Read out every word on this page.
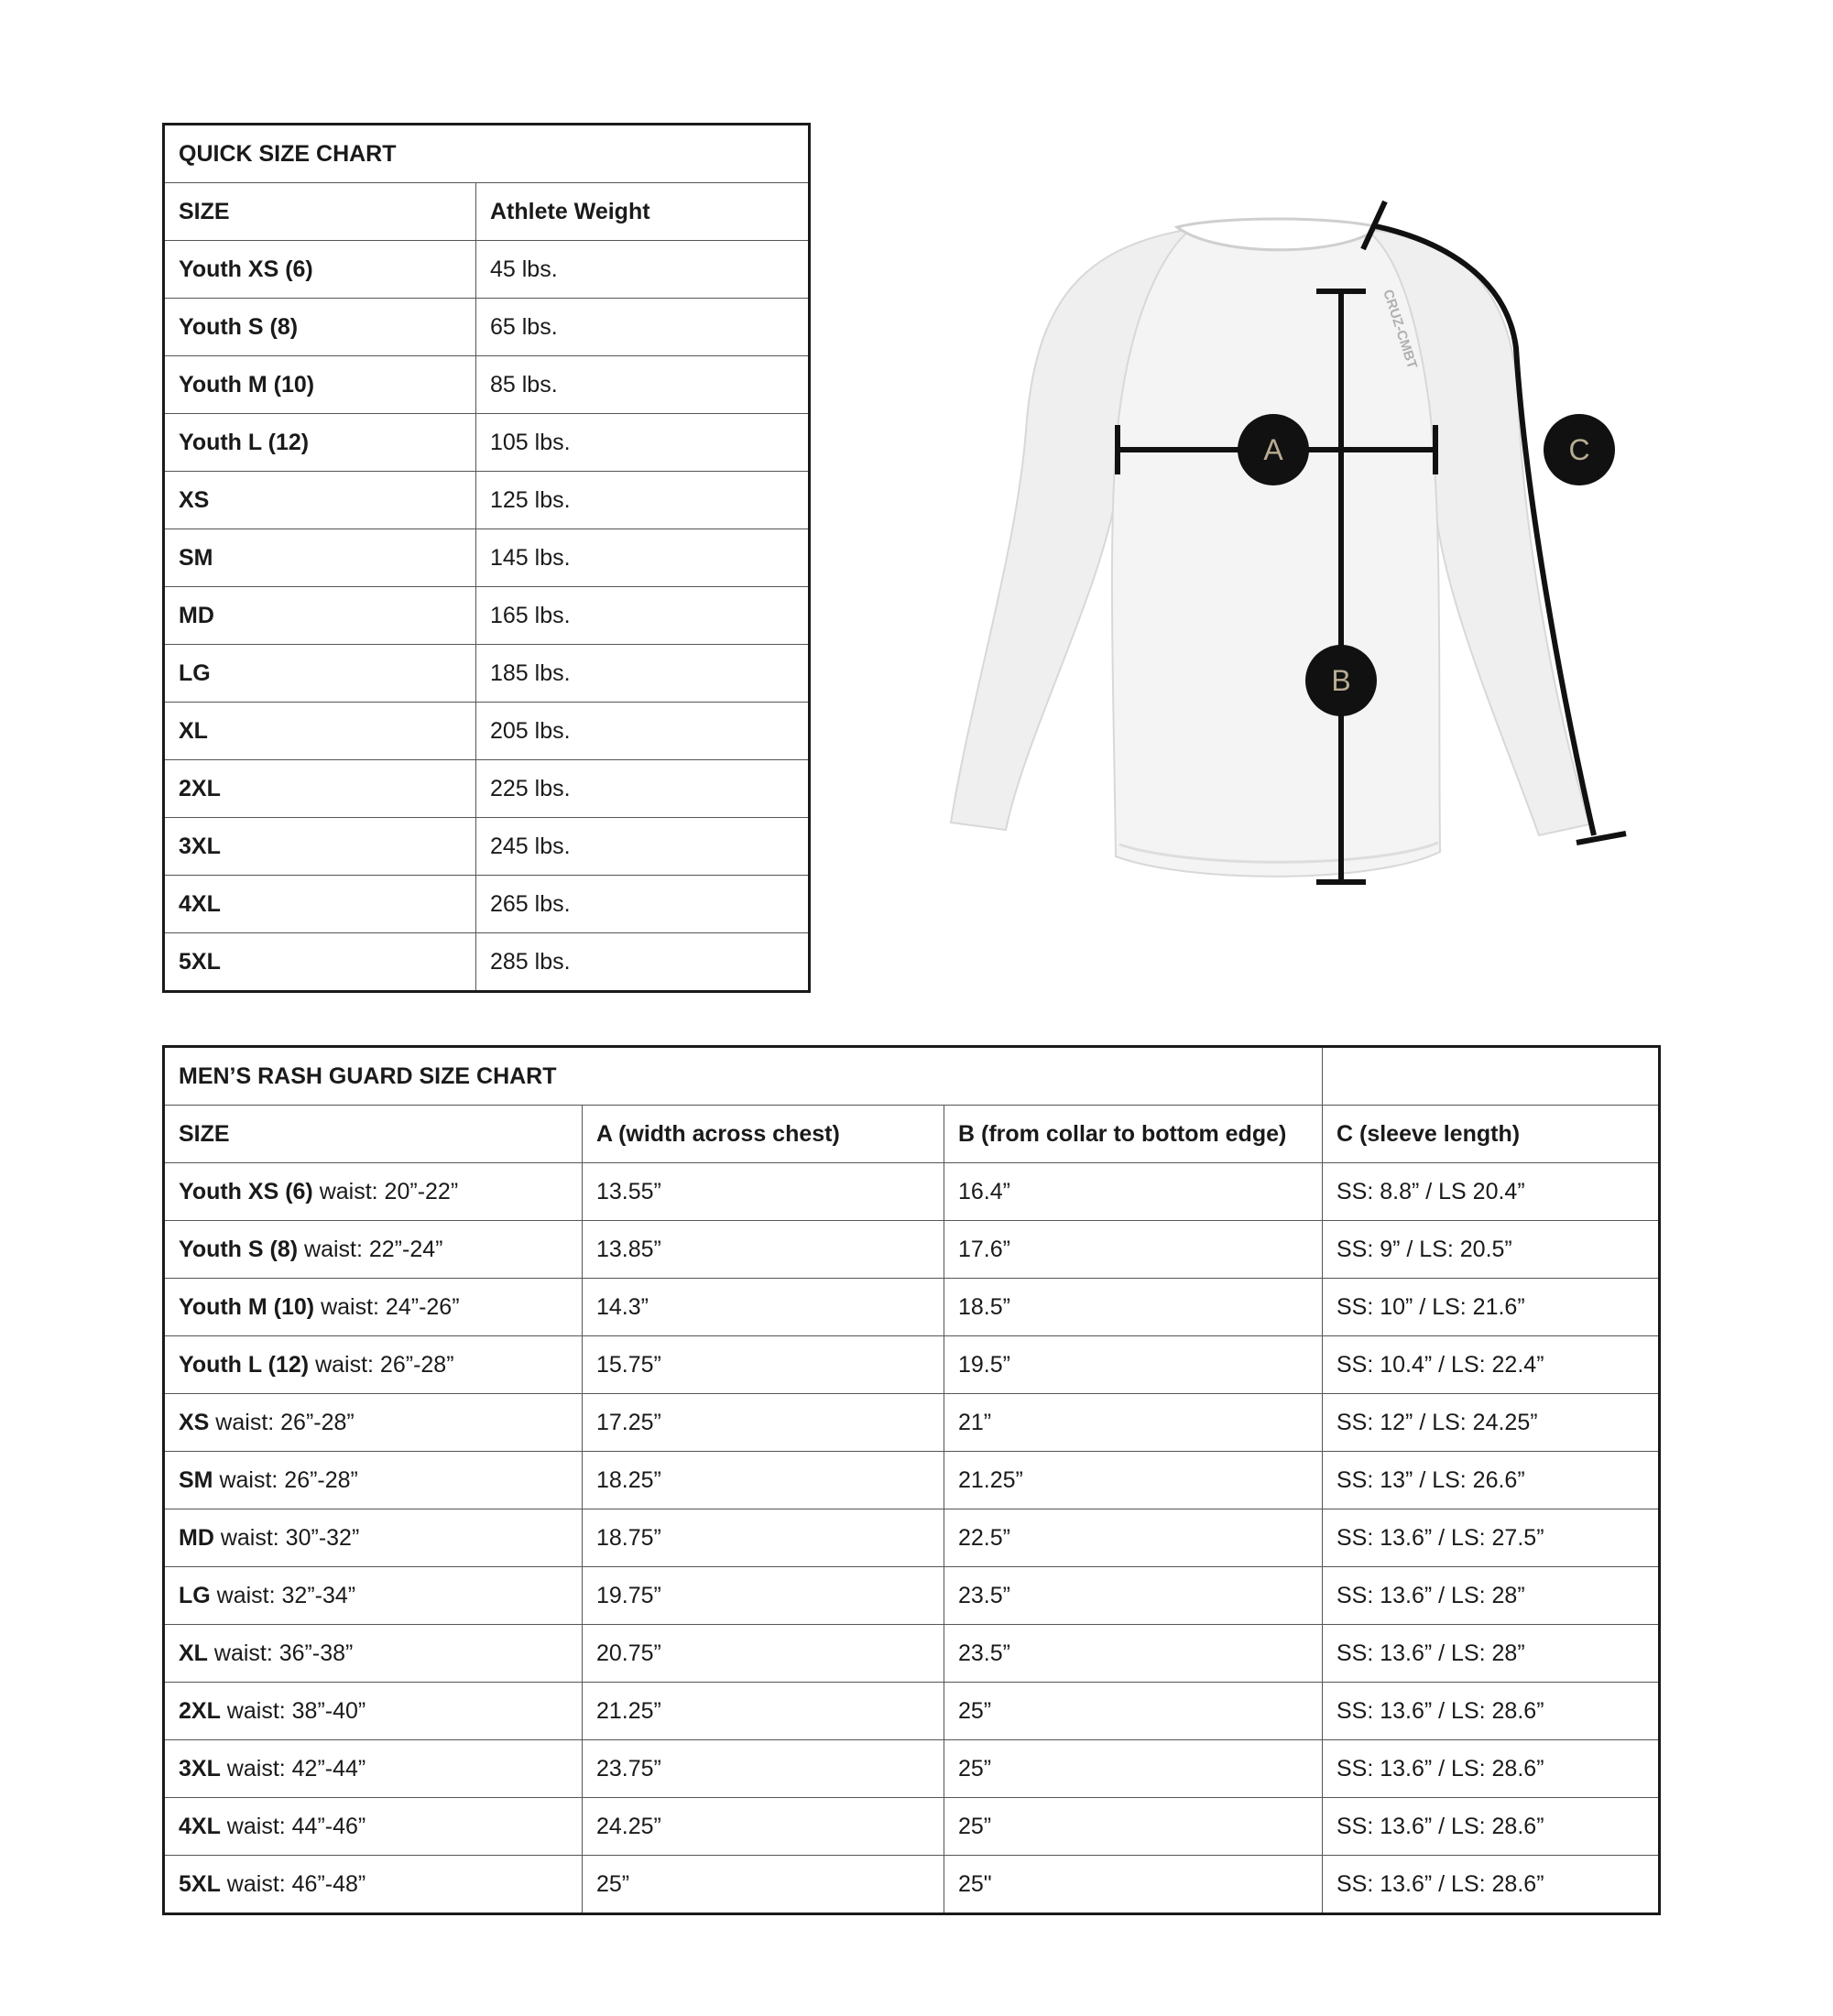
QUICK SIZE CHART	
SIZE	Athlete Weight
Youth XS (6)	45 lbs.
Youth S (8)	65 lbs.
Youth M (10)	85 lbs.
Youth L (12)	105 lbs.
XS	125 lbs.
SM	145 lbs.
MD	165 lbs.
LG	185 lbs.
XL	205 lbs.
2XL	225 lbs.
3XL	245 lbs.
4XL	265 lbs.
5XL	285 lbs.
CRUZ-CMBT
A
B
C
MEN’S RASH GUARD SIZE CHART			
SIZE	A (width across chest)	B (from collar to bottom edge)	C (sleeve length)
Youth XS (6) waist: 20”-22”	13.55”	16.4”	SS: 8.8” / LS 20.4”
Youth S (8) waist: 22”-24”	13.85”	17.6”	SS: 9” / LS: 20.5”
Youth M (10) waist: 24”-26”	14.3”	18.5”	SS: 10” / LS: 21.6”
Youth L (12) waist: 26”-28”	15.75”	19.5”	SS: 10.4” / LS: 22.4”
XS waist: 26”-28”	17.25”	21”	SS: 12” / LS: 24.25”
SM waist: 26”-28”	18.25”	21.25”	SS: 13” / LS: 26.6”
MD waist: 30”-32”	18.75”	22.5”	SS: 13.6” / LS: 27.5”
LG waist: 32”-34”	19.75”	23.5”	SS: 13.6” / LS: 28”
XL waist: 36”-38”	20.75”	23.5”	SS: 13.6” / LS: 28”
2XL waist: 38”-40”	21.25”	25”	SS: 13.6” / LS: 28.6”
3XL waist: 42”-44”	23.75”	25”	SS: 13.6” / LS: 28.6”
4XL waist: 44”-46”	24.25”	25”	SS: 13.6” / LS: 28.6”
5XL waist: 46”-48”	25”	25"	SS: 13.6” / LS: 28.6”
